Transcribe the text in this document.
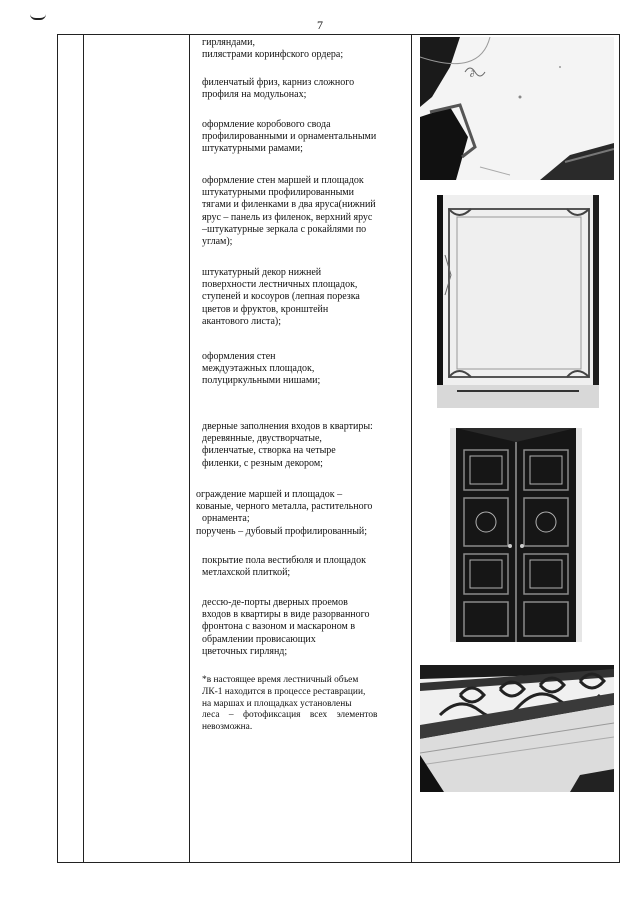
7
гирляндами,
пилястрами коринфского ордера;
филенчатый фриз, карниз сложного
профиля на модульонах;
оформление коробового свода
профилированными и орнаментальными
штукатурными рамами;
оформление стен маршей и площадок
штукатурными профилированными
тягами и филенками в два яруса(нижний
ярус – панель из филенок, верхний ярус
–штукатурные зеркала с рокайлями по
углам);
штукатурный декор нижней
поверхности лестничных площадок,
ступеней и косоуров (лепная порезка
цветов и фруктов, кронштейн
акантового листа);
оформления стен
междуэтажных площадок,
полуциркульными нишами;
дверные заполнения входов в квартиры:
деревянные, двустворчатые,
филенчатые, створка на четыре
филенки, с резным декором;
ограждение маршей и площадок –
кованые, черного металла, растительного
орнамента;
поручень – дубовый профилированный;
покрытие пола вестибюля и площадок
метлахской плиткой;
дессю-де-порты дверных проемов
входов в квартиры в виде разорванного
фронтона с вазоном и маскароном в
обрамлении провисающих
цветочных гирлянд;
*в настоящее время лестничный объем
ЛК-1 находится в процессе реставрации,
на маршах и площадках установлены
леса    –    фотофиксация    всех    элементов
невозможна.
∂
